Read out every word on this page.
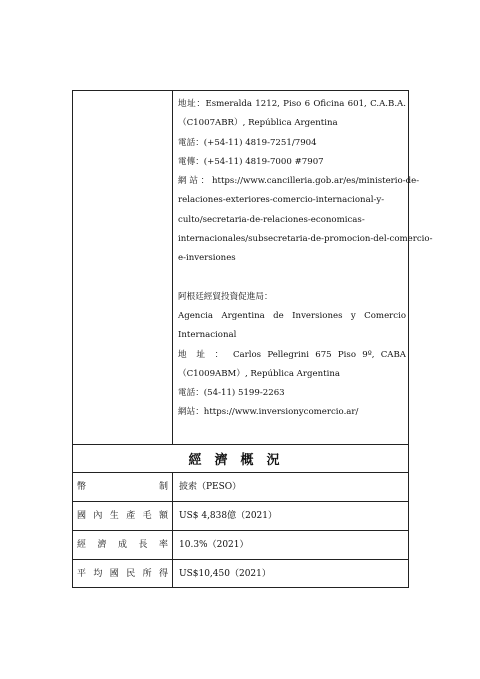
地址：Esmeralda 1212, Piso 6 Oficina 601, C.A.B.A.
（C1007ABR）, República Argentina
電話：(+54-11) 4819-7251/7904
電傳：(+54-11) 4819-7000 #7907
網 站 ： https://www.cancilleria.gob.ar/es/ministerio-de-
relaciones-exteriores-comercio-internacional-y-
culto/secretaria-de-relaciones-economicas-
internacionales/subsecretaria-de-promocion-del-comercio-
e-inversiones
阿根廷經貿投資促進局：
Agencia Argentina de Inversiones y Comercio
Internacional
地 址 ： Carlos Pellegrini 675 Piso 9º, CABA
（C1009ABM）, República Argentina
電話：(54-11) 5199-2263
網站：https://www.inversionycomercio.ar/
經濟概況
幣制 披索（PESO）
國內生產毛額 US$ 4,838億（2021）
經濟成長率 10.3%（2021）
平均國民所得 US$10,450（2021）
